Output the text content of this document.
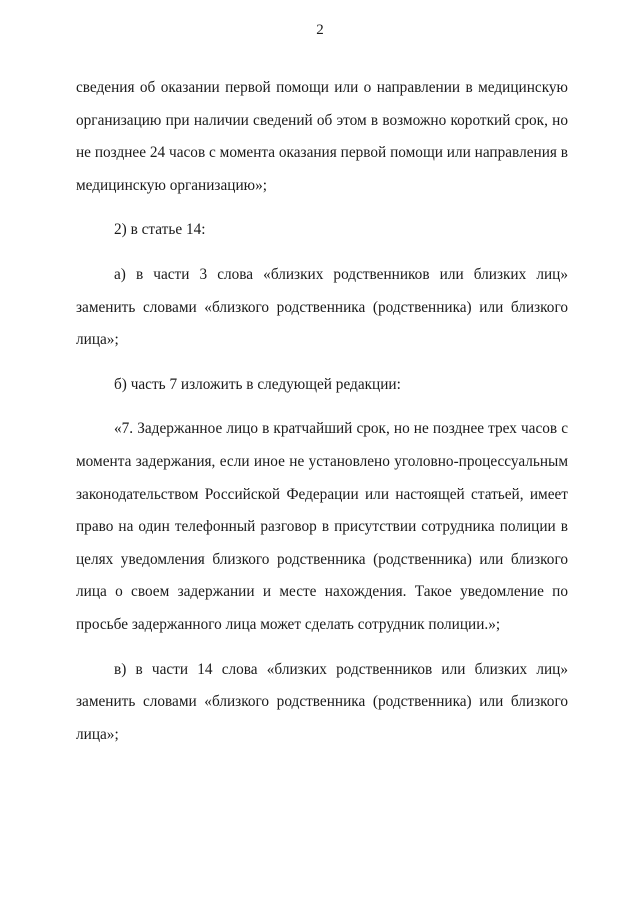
2

сведения об оказании первой помощи или о направлении в медицинскую организацию при наличии сведений об этом в возможно короткий срок, но не позднее 24 часов с момента оказания первой помощи или направления в медицинскую организацию»;

2) в статье 14:

а) в части 3 слова «близких родственников или близких лиц» заменить словами «близкого родственника (родственника) или близкого лица»;

б) часть 7 изложить в следующей редакции:

«7. Задержанное лицо в кратчайший срок, но не позднее трех часов с момента задержания, если иное не установлено уголовно-процессуальным законодательством Российской Федерации или настоящей статьей, имеет право на один телефонный разговор в присутствии сотрудника полиции в целях уведомления близкого родственника (родственника) или близкого лица о своем задержании и месте нахождения. Такое уведомление по просьбе задержанного лица может сделать сотрудник полиции.»;

в) в части 14 слова «близких родственников или близких лиц» заменить словами «близкого родственника (родственника) или близкого лица»;
